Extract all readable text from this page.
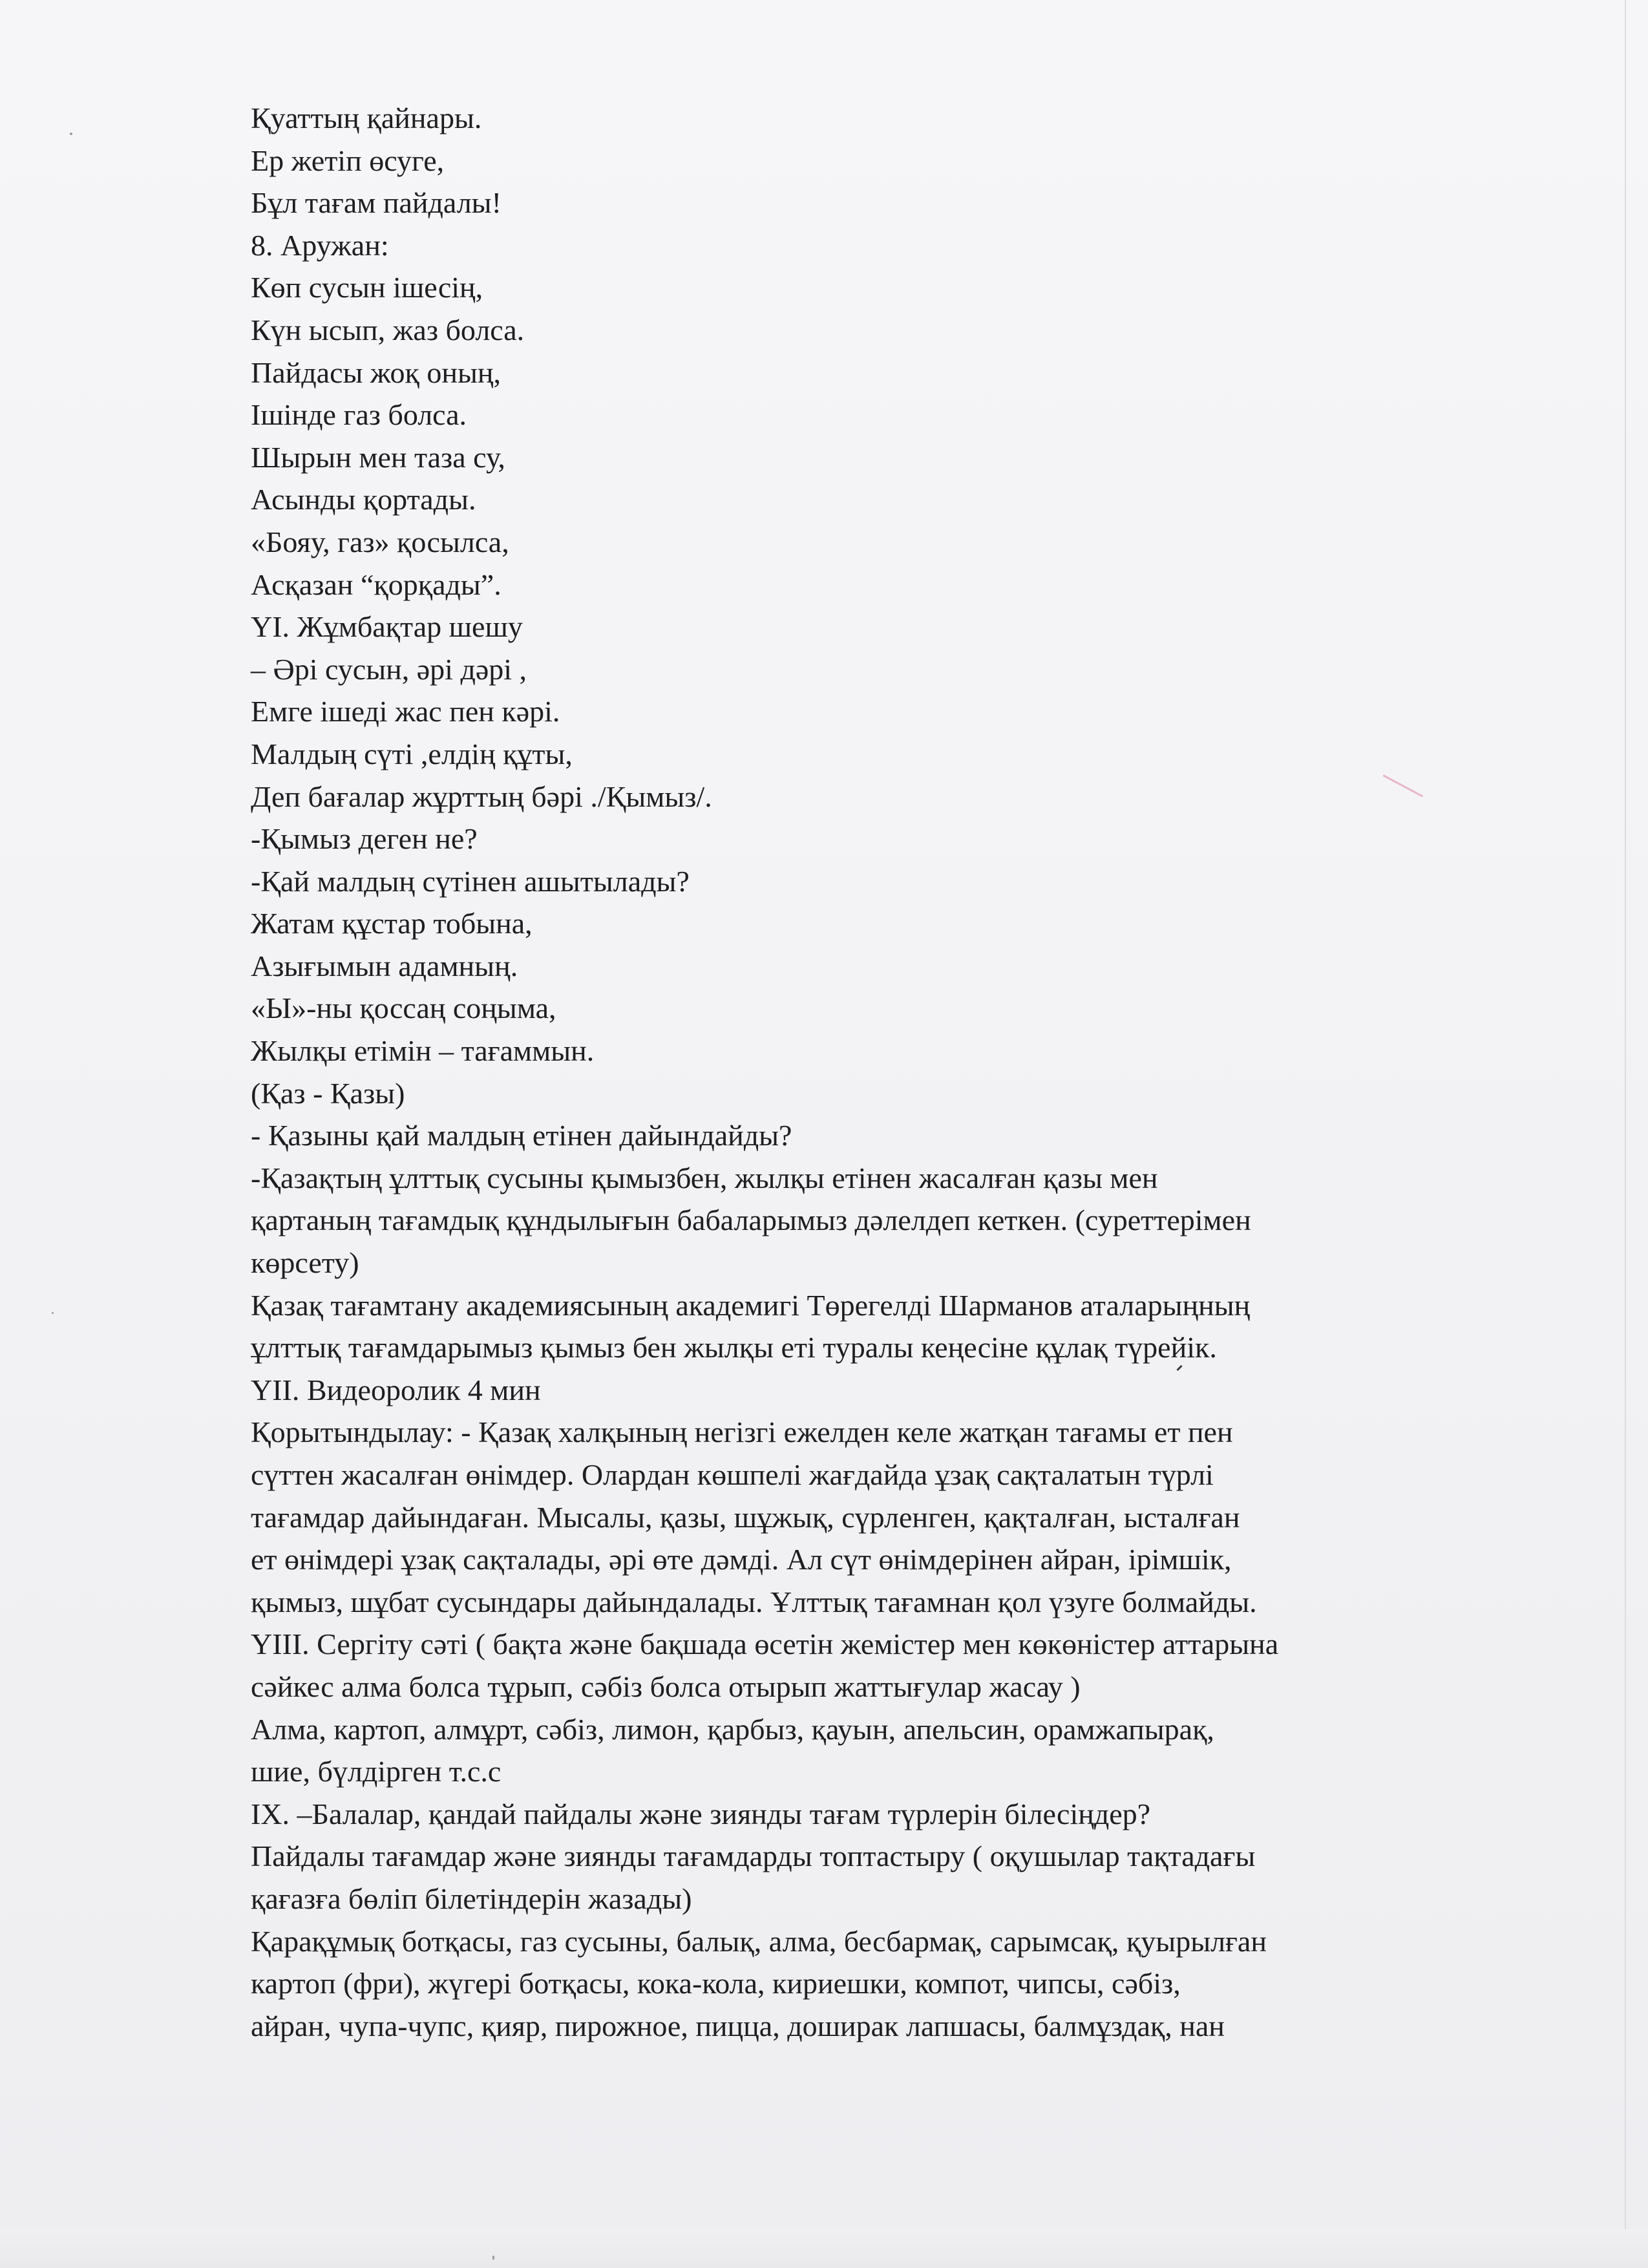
Қуаттың қайнары.
Ер жетіп өсуге,
Бұл тағам пайдалы!
8. Аружан:
Көп сусын ішесің,
Күн ысып, жаз болса.
Пайдасы жоқ оның,
Ішінде газ болса.
Шырын мен таза су,
Асынды қортады.
«Бояу, газ» қосылса,
Асқазан “қорқады”.
ҮІ. Жұмбақтар шешу
– Әрі сусын, әрі дәрі ,
Емге ішеді жас пен кәрі.
Малдың сүті ,елдің құты,
Деп бағалар жұрттың бәрі ./Қымыз/.
-Қымыз деген не?
-Қай малдың сүтінен ашытылады?
Жатам құстар тобына,
Азығымын адамның.
«Ы»-ны қоссаң соңыма,
Жылқы етімін – тағаммын.
(Қаз - Қазы)
- Қазыны қай малдың етінен дайындайды?
-Қазақтың ұлттық сусыны қымызбен, жылқы етінен жасалған қазы мен
қартаның тағамдық құндылығын бабаларымыз дәлелдеп кеткен. (суреттерімен
көрсету)
Қазақ тағамтану академиясының академигі Төрегелді Шарманов аталарыңның
ұлттық тағамдарымыз қымыз бен жылқы еті туралы кеңесіне құлақ түрейік.
ҮІІ. Видеоролик 4 мин
Қорытындылау: - Қазақ халқының негізгі ежелден келе жатқан тағамы ет пен
сүттен жасалған өнімдер. Олардан көшпелі жағдайда ұзақ сақталатын түрлі
тағамдар дайындаған. Мысалы, қазы, шұжық, сүрленген, қақталған, ысталған
ет өнімдері ұзақ сақталады, әрі өте дәмді. Ал сүт өнімдерінен айран, ірімшік,
қымыз, шұбат сусындары дайындалады. Ұлттық тағамнан қол үзуге болмайды.
ҮІІІ. Сергіту сәті ( бақта және бақшада өсетін жемістер мен көкөністер аттарына
сәйкес алма болса тұрып, сәбіз болса отырып жаттығулар жасау )
Алма, картоп, алмұрт, сәбіз, лимон, қарбыз, қауын, апельсин, орамжапырақ,
шие, бүлдірген т.с.с
ІХ. –Балалар, қандай пайдалы және зиянды тағам түрлерін білесіңдер?
Пайдалы тағамдар және зиянды тағамдарды топтастыру ( оқушылар тақтадағы
қағазға бөліп білетіндерін жазады)
Қарақұмық ботқасы, газ сусыны, балық, алма, бесбармақ, сарымсақ, қуырылған
картоп (фри), жүгері ботқасы, кока-кола, кириешки, компот, чипсы, сәбіз,
айран, чупа-чупс, қияр, пирожное, пицца, доширак лапшасы, балмұздақ, нан
